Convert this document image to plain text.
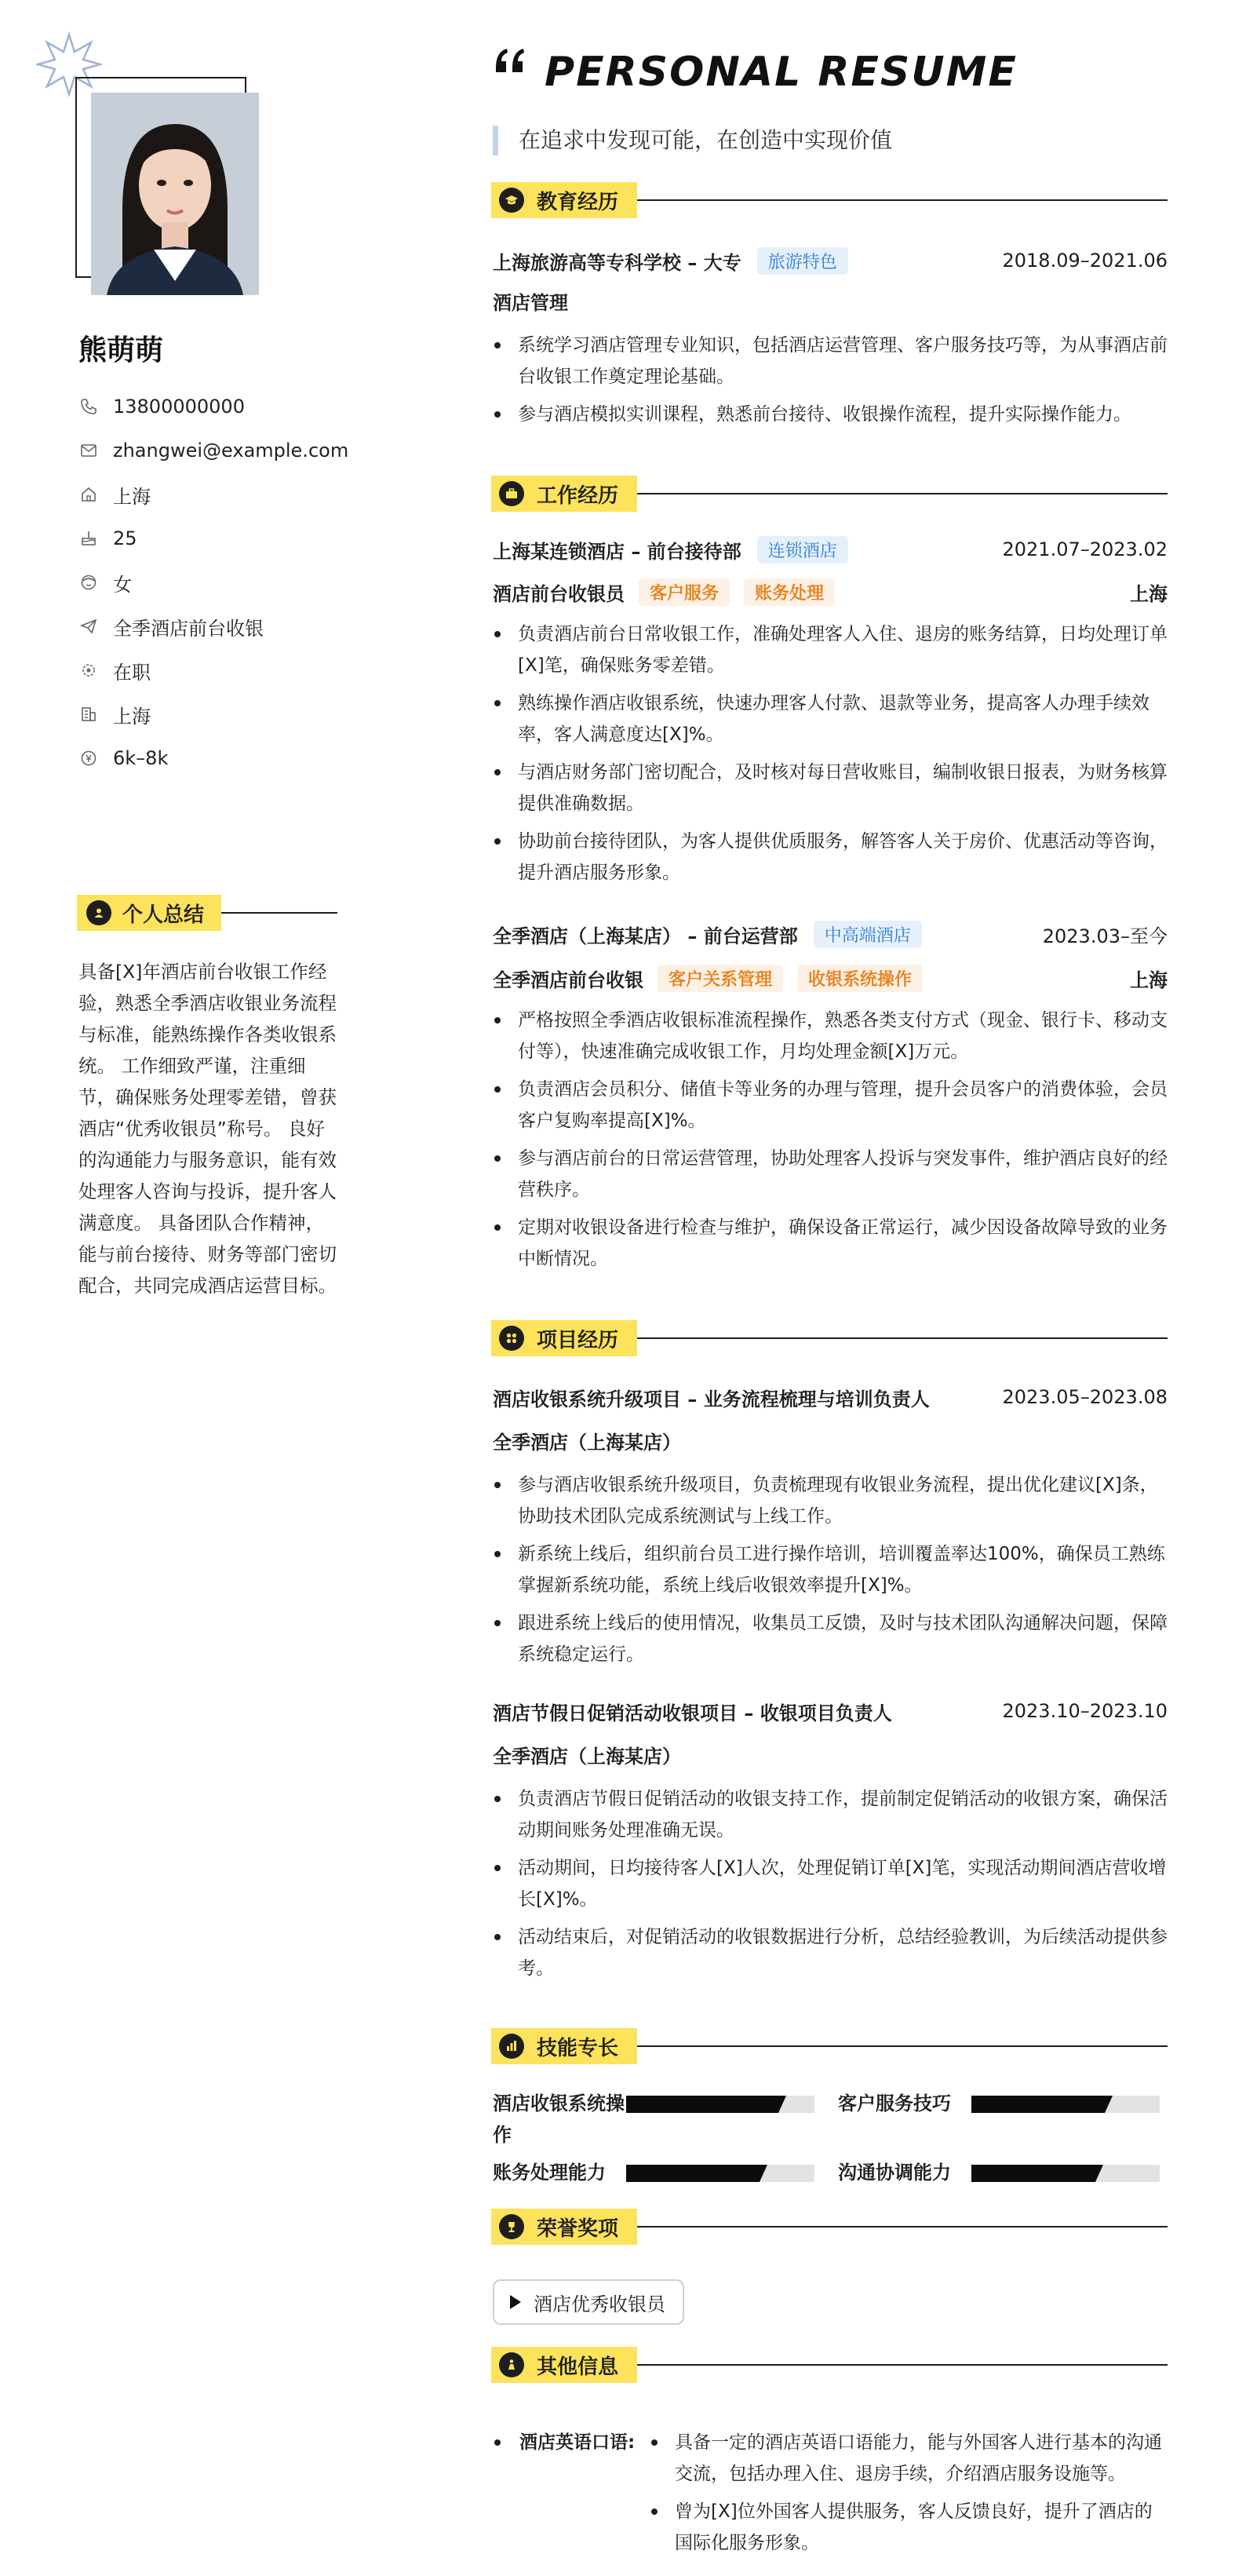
熊萌萌
13800000000
zhangwei@example.com
上海
25
女
全季酒店前台收银
在职
上海
6k–8k
个人总结
具备[X]年酒店前台收银工作经验，熟悉全季酒店收银业务流程与标准，能熟练操作各类收银系统。 工作细致严谨，注重细节，确保账务处理零差错，曾获酒店“优秀收银员”称号。 良好的沟通能力与服务意识，能有效处理客人咨询与投诉，提升客人满意度。 具备团队合作精神，能与前台接待、财务等部门密切配合，共同完成酒店运营目标。
PERSONAL RESUME
在追求中发现可能，在创造中实现价值
教育经历
上海旅游高等专科学校 – 大专	旅游特色	2018.09–2021.06
酒店管理
系统学习酒店管理专业知识，包括酒店运营管理、客户服务技巧等，为从事酒店前台收银工作奠定理论基础。
参与酒店模拟实训课程，熟悉前台接待、收银操作流程，提升实际操作能力。
工作经历
上海某连锁酒店 – 前台接待部	连锁酒店	2021.07–2023.02
酒店前台收银员	客户服务	账务处理	上海
负责酒店前台日常收银工作，准确处理客人入住、退房的账务结算，日均处理订单[X]笔，确保账务零差错。
熟练操作酒店收银系统，快速办理客人付款、退款等业务，提高客人办理手续效率，客人满意度达[X]%。
与酒店财务部门密切配合，及时核对每日营收账目，编制收银日报表，为财务核算提供准确数据。
协助前台接待团队，为客人提供优质服务，解答客人关于房价、优惠活动等咨询，提升酒店服务形象。
全季酒店（上海某店） – 前台运营部	中高端酒店	2023.03–至今
全季酒店前台收银	客户关系管理	收银系统操作	上海
严格按照全季酒店收银标准流程操作，熟悉各类支付方式（现金、银行卡、移动支付等），快速准确完成收银工作，月均处理金额[X]万元。
负责酒店会员积分、储值卡等业务的办理与管理，提升会员客户的消费体验，会员客户复购率提高[X]%。
参与酒店前台的日常运营管理，协助处理客人投诉与突发事件，维护酒店良好的经营秩序。
定期对收银设备进行检查与维护，确保设备正常运行，减少因设备故障导致的业务中断情况。
项目经历
酒店收银系统升级项目 – 业务流程梳理与培训负责人	2023.05–2023.08
全季酒店（上海某店）
参与酒店收银系统升级项目，负责梳理现有收银业务流程，提出优化建议[X]条，协助技术团队完成系统测试与上线工作。
新系统上线后，组织前台员工进行操作培训，培训覆盖率达100%，确保员工熟练掌握新系统功能，系统上线后收银效率提升[X]%。
跟进系统上线后的使用情况，收集员工反馈，及时与技术团队沟通解决问题，保障系统稳定运行。
酒店节假日促销活动收银项目 – 收银项目负责人	2023.10–2023.10
全季酒店（上海某店）
负责酒店节假日促销活动的收银支持工作，提前制定促销活动的收银方案，确保活动期间账务处理准确无误。
活动期间，日均接待客人[X]人次，处理促销订单[X]笔，实现活动期间酒店营收增长[X]%。
活动结束后，对促销活动的收银数据进行分析，总结经验教训，为后续活动提供参考。
技能专长
酒店收银系统操作
客户服务技巧
账务处理能力	沟通协调能力
荣誉奖项
酒店优秀收银员
其他信息
酒店英语口语:	具备一定的酒店英语口语能力，能与外国客人进行基本的沟通交流，包括办理入住、退房手续，介绍酒店服务设施等。
曾为[X]位外国客人提供服务，客人反馈良好，提升了酒店的国际化服务形象。
